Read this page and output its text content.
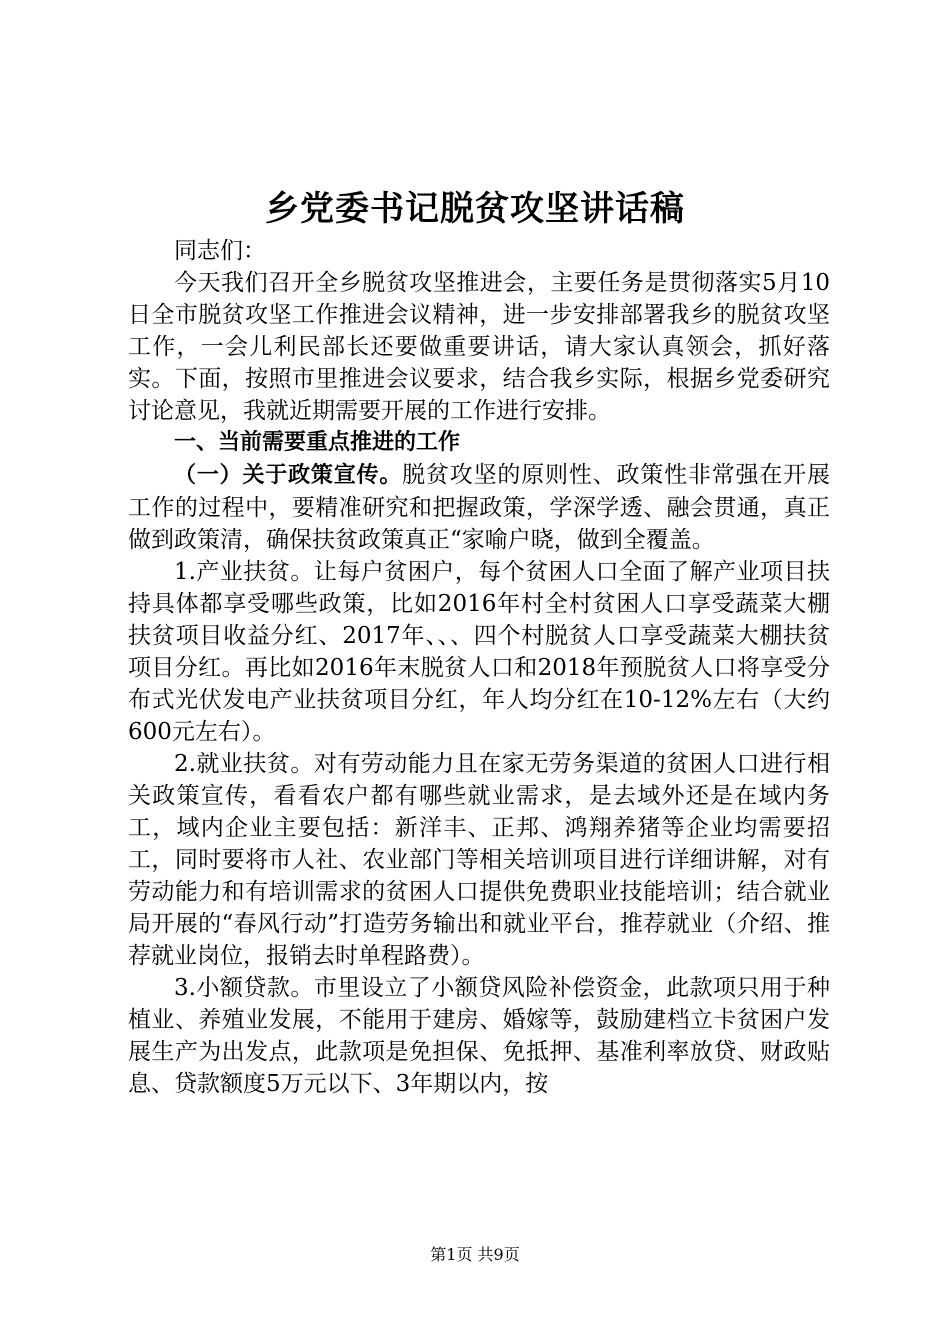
乡党委书记脱贫攻坚讲话稿

同志们：

今天我们召开全乡脱贫攻坚推进会，主要任务是贯彻落实5月10日全市脱贫攻坚工作推进会议精神，进一步安排部署我乡的脱贫攻坚工作，一会儿利民部长还要做重要讲话，请大家认真领会，抓好落实。下面，按照市里推进会议要求，结合我乡实际，根据乡党委研究讨论意见，我就近期需要开展的工作进行安排。

一、当前需要重点推进的工作

（一）关于政策宣传。脱贫攻坚的原则性、政策性非常强在开展工作的过程中，要精准研究和把握政策，学深学透、融会贯通，真正做到政策清，确保扶贫政策真正“家喻户晓，做到全覆盖。

1.产业扶贫。让每户贫困户，每个贫困人口全面了解产业项目扶持具体都享受哪些政策，比如2016年村全村贫困人口享受蔬菜大棚扶贫项目收益分红、2017年、、、四个村脱贫人口享受蔬菜大棚扶贫项目分红。再比如2016年末脱贫人口和2018年预脱贫人口将享受分布式光伏发电产业扶贫项目分红，年人均分红在10-12%左右（大约600元左右）。

2.就业扶贫。对有劳动能力且在家无劳务渠道的贫困人口进行相关政策宣传，看看农户都有哪些就业需求，是去域外还是在域内务工，域内企业主要包括：新洋丰、正邦、鸿翔养猪等企业均需要招工，同时要将市人社、农业部门等相关培训项目进行详细讲解，对有劳动能力和有培训需求的贫困人口提供免费职业技能培训；结合就业局开展的“春风行动”打造劳务输出和就业平台，推荐就业（介绍、推荐就业岗位，报销去时单程路费）。

3.小额贷款。市里设立了小额贷风险补偿资金，此款项只用于种植业、养殖业发展，不能用于建房、婚嫁等，鼓励建档立卡贫困户发展生产为出发点，此款项是免担保、免抵押、基准利率放贷、财政贴息、贷款额度5万元以下、3年期以内，按

第1页 共9页
